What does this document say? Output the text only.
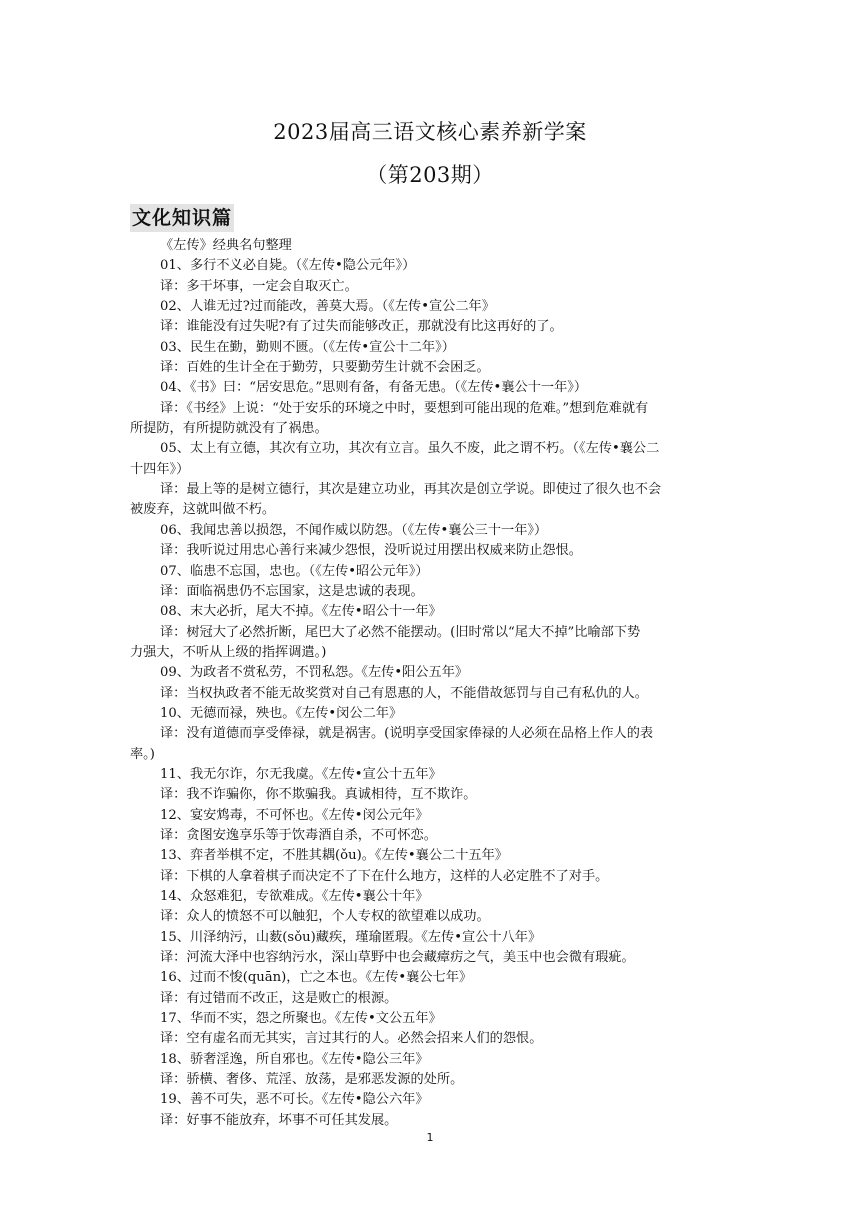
2023届高三语文核心素养新学案
（第203期）
文化知识篇
《左传》经典名句整理
01、多行不义必自毙。（《左传•隐公元年》）
译：多干坏事，一定会自取灭亡。
02、人谁无过?过而能改，善莫大焉。（《左传•宣公二年》
译：谁能没有过失呢?有了过失而能够改正，那就没有比这再好的了。
03、民生在勤，勤则不匮。（《左传•宣公十二年》）
译：百姓的生计全在于勤劳，只要勤劳生计就不会困乏。
04、《书》曰：“居安思危。”思则有备，有备无患。（《左传•襄公十一年》）
译：《书经》上说：“处于安乐的环境之中时，要想到可能出现的危难。”想到危难就有
所提防，有所提防就没有了祸患。
05、太上有立德，其次有立功，其次有立言。虽久不废，此之谓不朽。（《左传•襄公二
十四年》）
译：最上等的是树立德行，其次是建立功业，再其次是创立学说。即使过了很久也不会
被废弃，这就叫做不朽。
06、我闻忠善以损怨，不闻作威以防怨。（《左传•襄公三十一年》）
译：我听说过用忠心善行来减少怨恨，没听说过用摆出权威来防止怨恨。
07、临患不忘国，忠也。（《左传•昭公元年》）
译：面临祸患仍不忘国家，这是忠诚的表现。
08、末大必折，尾大不掉。《左传•昭公十一年》
译：树冠大了必然折断，尾巴大了必然不能摆动。(旧时常以“尾大不掉”比喻部下势
力强大，不听从上级的指挥调遣。)
09、为政者不赏私劳，不罚私怨。《左传•阳公五年》
译：当权执政者不能无故奖赏对自己有恩惠的人，不能借故惩罚与自己有私仇的人。
10、无德而禄，殃也。《左传•闵公二年》
译：没有道德而享受俸禄，就是祸害。(说明享受国家俸禄的人必须在品格上作人的表
率。)
11、我无尔诈，尔无我虞。《左传•宣公十五年》
译：我不诈骗你，你不欺骗我。真诚相待，互不欺诈。
12、宴安鸩毒，不可怀也。《左传•闵公元年》
译：贪图安逸享乐等于饮毒酒自杀，不可怀恋。
13、弈者举棋不定，不胜其耦(ǒu)。《左传•襄公二十五年》
译：下棋的人拿着棋子而决定不了下在什么地方，这样的人必定胜不了对手。
14、众怒难犯，专欲难成。《左传•襄公十年》
译：众人的愤怒不可以触犯，个人专权的欲望难以成功。
15、川泽纳污，山薮(sǒu)藏疾，瑾瑜匿瑕。《左传•宣公十八年》
译：河流大泽中也容纳污水，深山草野中也会藏瘴疠之气，美玉中也会微有瑕疵。
16、过而不悛(quān)，亡之本也。《左传•襄公七年》
译：有过错而不改正，这是败亡的根源。
17、华而不实，怨之所聚也。《左传•文公五年》
译：空有虚名而无其实，言过其行的人。必然会招来人们的怨恨。
18、骄奢淫逸，所自邪也。《左传•隐公三年》
译：骄横、奢侈、荒淫、放荡，是邪恶发源的处所。
19、善不可失，恶不可长。《左传•隐公六年》
译：好事不能放弃，坏事不可任其发展。
1
